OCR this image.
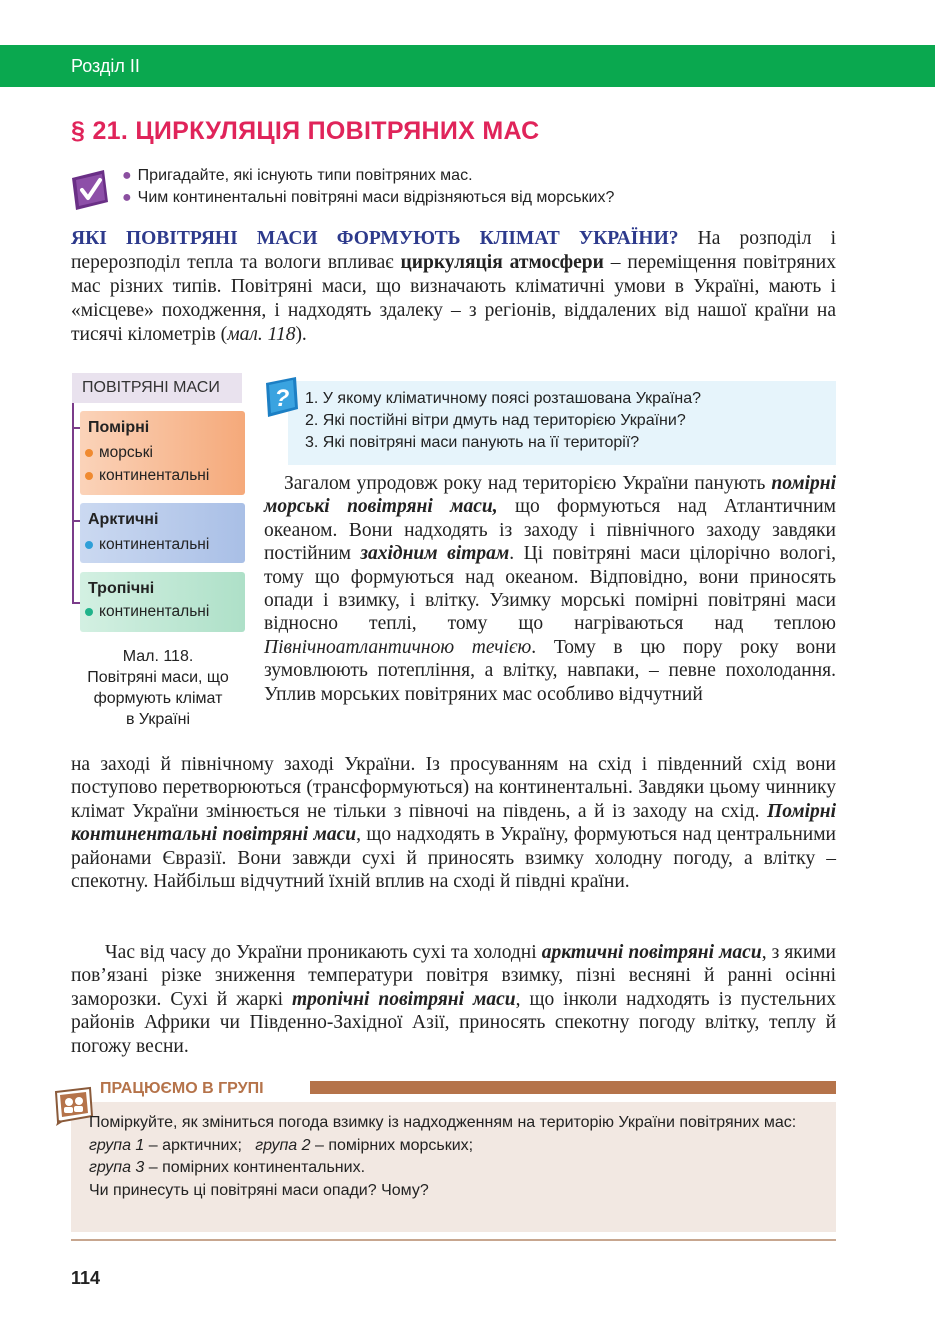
Розділ II
§ 21. ЦИРКУЛЯЦІЯ ПОВІТРЯНИХ МАС
● Пригадайте, які існують типи повітряних мас.
● Чим континентальні повітряні маси відрізняються від морських?
ЯКІ ПОВІТРЯНІ МАСИ ФОРМУЮТЬ КЛІМАТ УКРАЇНИ? На розподіл і перерозподіл тепла та вологи впливає циркуляція атмосфери – переміщення повітряних мас різних типів. Повітряні маси, що визначають кліматичні умови в Україні, мають і «місцеве» походження, і надходять здалеку – з регіонів, віддалених від нашої країни на тисячі кілометрів (мал. 118).
ПОВІТРЯНІ МАСИ
Помірні
морські
континентальні
Арктичні
континентальні
Тропічні
континентальні
Мал. 118.
Повітряні маси, що
формують клімат
в Україні
? 1. У якому кліматичному поясі розташована Україна?
2. Які постійні вітри дмуть над територією України?
3. Які повітряні маси панують на її території?
Загалом упродовж року над територією України панують помірні морські повітряні маси, що формуються над Атлантичним океаном. Вони надходять із заходу і північного заходу завдяки постійним західним вітрам. Ці повітряні маси цілорічно вологі, тому що формуються над океаном. Відповідно, вони приносять опади і взимку, і влітку. Узимку морські помірні повітряні маси відносно теплі, тому що нагріваються над теплою Північноатлантичною течією. Тому в цю пору року вони зумовлюють потепління, а влітку, навпаки, – певне похолодання. Уплив морських повітряних мас особливо відчутний
на заході й північному заході України. Із просуванням на схід і південний схід вони поступово перетворюються (трансформуються) на континентальні. Завдяки цьому чиннику клімат України змінюється не тільки з півночі на південь, а й із заходу на схід. Помірні континентальні повітряні маси, що надходять в Україну, формуються над центральними районами Євразії. Вони завжди сухі й приносять взимку холодну погоду, а влітку – спекотну. Найбільш відчутний їхній вплив на сході й півдні країни.
Час від часу до України проникають сухі та холодні арктичні повітряні маси, з якими пов’язані різке зниження температури повітря взимку, пізні весняні й ранні осінні заморозки. Сухі й жаркі тропічні повітряні маси, що інколи надходять із пустельних районів Африки чи Південно-Західної Азії, приносять спекотну погоду влітку, теплу й погожу весни.
ПРАЦЮЄМО В ГРУПІ
Поміркуйте, як зміниться погода взимку із надходженням на територію України повітряних мас:
група 1 – арктичних;   група 2 – помірних морських;
група 3 – помірних континентальних.
Чи принесуть ці повітряні маси опади? Чому?
114
